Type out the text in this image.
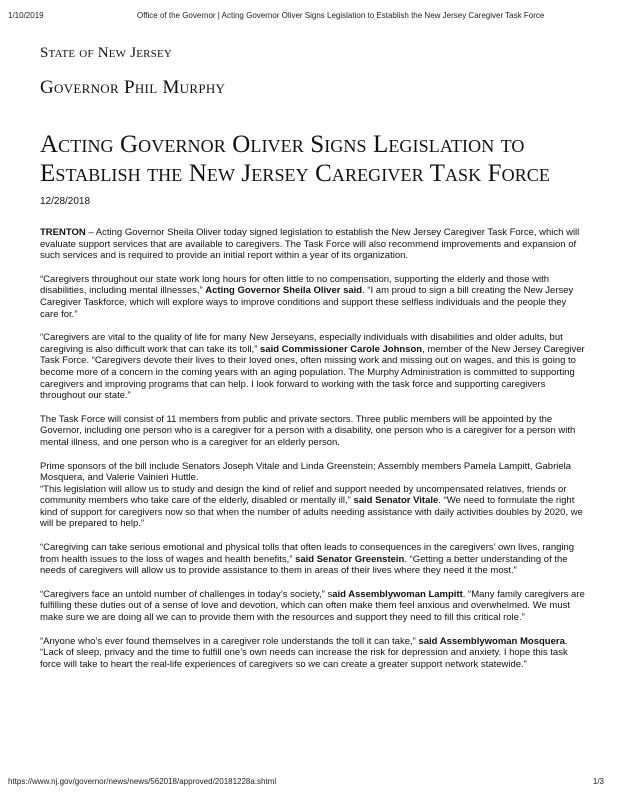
1/10/2019	Office of the Governor | Acting Governor Oliver Signs Legislation to Establish the New Jersey Caregiver Task Force
State of New Jersey
Governor Phil Murphy
Acting Governor Oliver Signs Legislation to
Establish the New Jersey Caregiver Task Force
12/28/2018

TRENTON – Acting Governor Sheila Oliver today signed legislation to establish the New Jersey Caregiver Task Force, which will evaluate support services that are available to caregivers. The Task Force will also recommend improvements and expansion of such services and is required to provide an initial report within a year of its organization.

“Caregivers throughout our state work long hours for often little to no compensation, supporting the elderly and those with disabilities, including mental illnesses,” Acting Governor Sheila Oliver said. “I am proud to sign a bill creating the New Jersey Caregiver Taskforce, which will explore ways to improve conditions and support these selfless individuals and the people they care for.”

“Caregivers are vital to the quality of life for many New Jerseyans, especially individuals with disabilities and older adults, but caregiving is also difficult work that can take its toll,” said Commissioner Carole Johnson, member of the New Jersey Caregiver Task Force. “Caregivers devote their lives to their loved ones, often missing work and missing out on wages, and this is going to become more of a concern in the coming years with an aging population. The Murphy Administration is committed to supporting caregivers and improving programs that can help. I look forward to working with the task force and supporting caregivers throughout our state.”

The Task Force will consist of 11 members from public and private sectors. Three public members will be appointed by the Governor, including one person who is a caregiver for a person with a disability, one person who is a caregiver for a person with mental illness, and one person who is a caregiver for an elderly person.

Prime sponsors of the bill include Senators Joseph Vitale and Linda Greenstein; Assembly members Pamela Lampitt, Gabriela Mosquera, and Valerie Vainieri Huttle.

“This legislation will allow us to study and design the kind of relief and support needed by uncompensated relatives, friends or community members who take care of the elderly, disabled or mentally ill,” said Senator Vitale. “We need to formulate the right kind of support for caregivers now so that when the number of adults needing assistance with daily activities doubles by 2020, we will be prepared to help.”

“Caregiving can take serious emotional and physical tolls that often leads to consequences in the caregivers’ own lives, ranging from health issues to the loss of wages and health benefits,” said Senator Greenstein. “Getting a better understanding of the needs of caregivers will allow us to provide assistance to them in areas of their lives where they need it the most.”

“Caregivers face an untold number of challenges in today’s society,” said Assemblywoman Lampitt. “Many family caregivers are fulfilling these duties out of a sense of love and devotion, which can often make them feel anxious and overwhelmed. We must make sure we are doing all we can to provide them with the resources and support they need to fill this critical role.”

“Anyone who’s ever found themselves in a caregiver role understands the toll it can take,” said Assemblywoman Mosquera. “Lack of sleep, privacy and the time to fulfill one’s own needs can increase the risk for depression and anxiety. I hope this task force will take to heart the real-life experiences of caregivers so we can create a greater support network statewide.”

https://www.nj.gov/governor/news/news/562018/approved/20181228a.shtml	1/3
